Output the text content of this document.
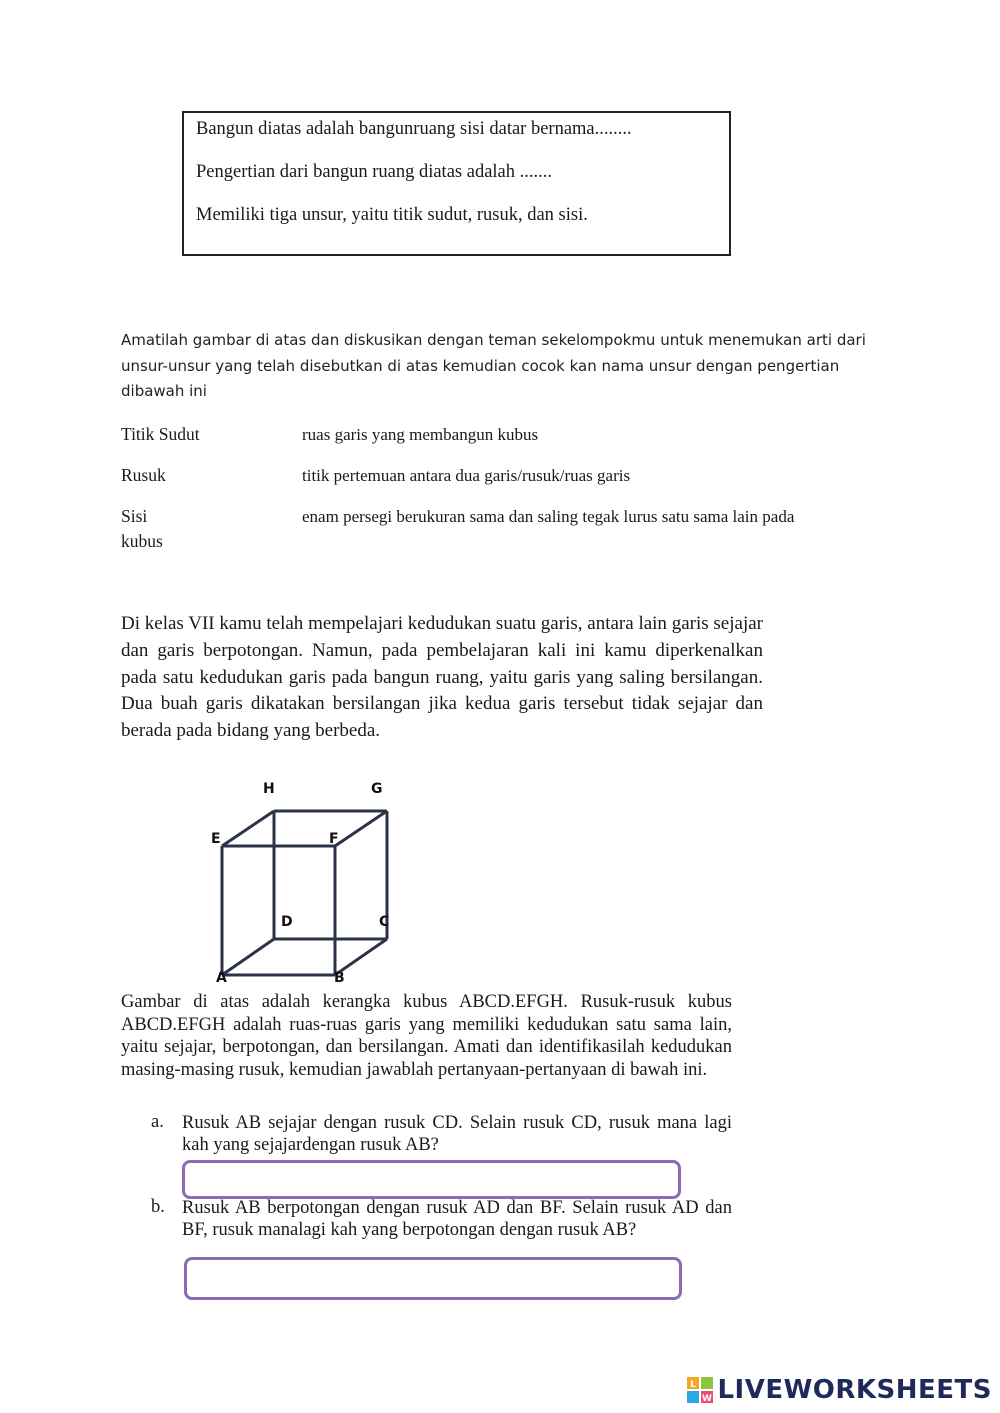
Bangun diatas adalah bangunruang sisi datar bernama........
Pengertian dari bangun ruang diatas adalah .......
Memiliki tiga unsur, yaitu titik sudut, rusuk, dan sisi.
Amatilah gambar di atas dan diskusikan dengan teman sekelompokmu untuk menemukan arti dari
unsur-unsur yang telah disebutkan di atas kemudian cocok kan nama unsur dengan pengertian
dibawah ini
Titik Sudut	ruas garis yang membangun kubus
Rusuk	titik pertemuan antara dua garis/rusuk/ruas garis
Sisi	enam persegi berukuran sama dan saling tegak lurus satu sama lain pada
kubus
Di kelas VII kamu telah mempelajari kedudukan suatu garis, antara lain garis sejajar dan garis berpotongan. Namun, pada pembelajaran kali ini kamu diperkenalkan pada satu kedudukan garis pada bangun ruang, yaitu garis yang saling bersilangan. Dua buah garis dikatakan bersilangan jika kedua garis tersebut tidak sejajar dan berada pada bidang yang berbeda.
H	G
E	F
D	C
A	B
Gambar di atas adalah kerangka kubus ABCD.EFGH. Rusuk-rusuk kubus ABCD.EFGH adalah ruas-ruas garis yang memiliki kedudukan satu sama lain, yaitu sejajar, berpotongan, dan bersilangan. Amati dan identifikasilah kedudukan masing-masing rusuk, kemudian jawablah pertanyaan-pertanyaan di bawah ini.
a. Rusuk AB sejajar dengan rusuk CD. Selain rusuk CD, rusuk mana lagi kah yang sejajardengan rusuk AB?
b. Rusuk AB berpotongan dengan rusuk AD dan BF. Selain rusuk AD dan BF, rusuk manalagi kah yang berpotongan dengan rusuk AB?
L
W LIVEWORKSHEETS
